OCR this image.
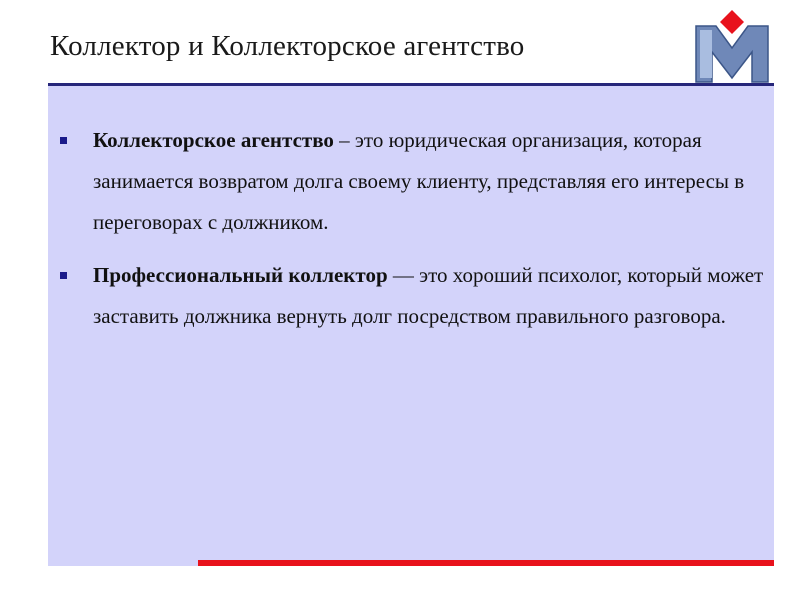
Коллектор и Коллекторское агентство
Коллекторское агентство – это юридическая организация, которая занимается возвратом долга своему клиенту, представляя его интересы в переговорах с должником.
Профессиональный коллектор — это хороший психолог, который может заставить должника вернуть долг посредством правильного разговора.
